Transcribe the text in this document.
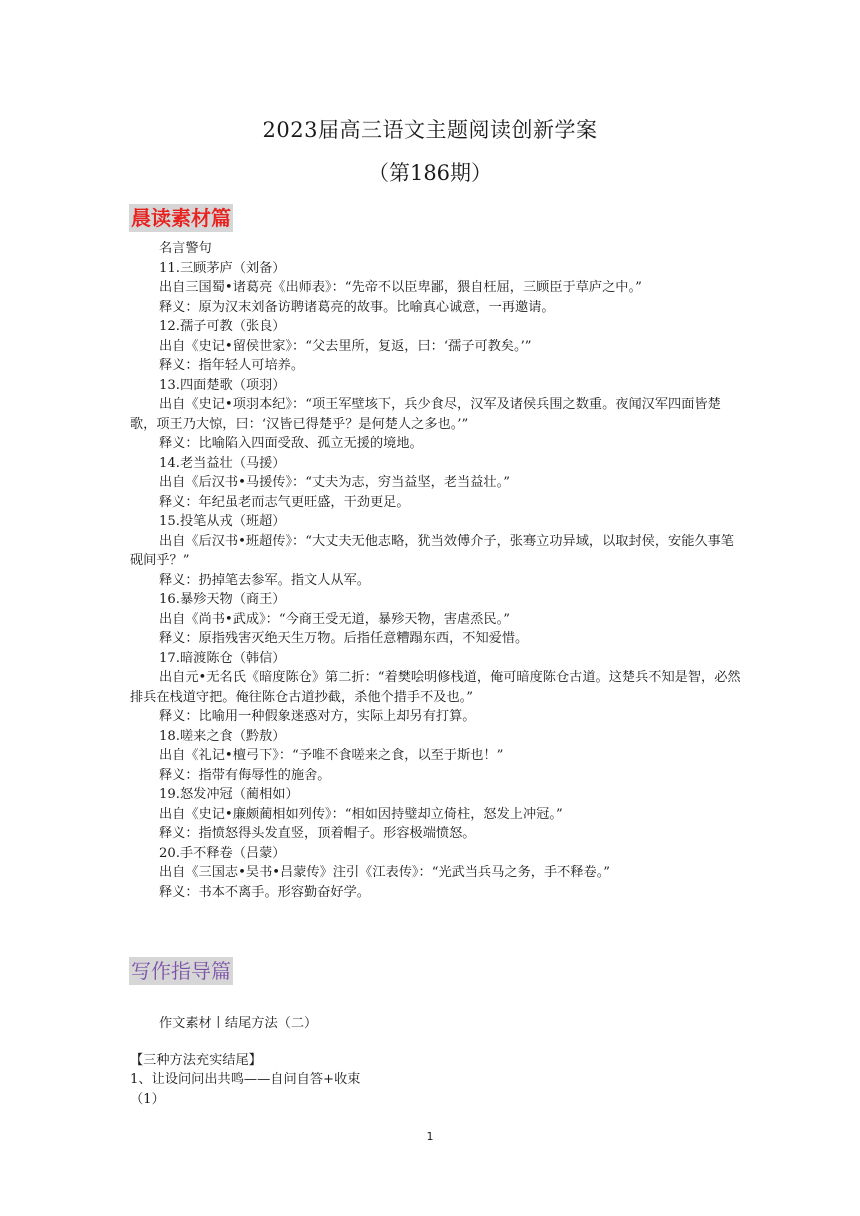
2023届高三语文主题阅读创新学案
（第186期）
晨读素材篇

名言警句

11.三顾茅庐（刘备）

出自三国蜀•诸葛亮《出师表》：“先帝不以臣卑鄙，猥自枉屈，三顾臣于草庐之中。”

释义：原为汉末刘备访聘诸葛亮的故事。比喻真心诚意，一再邀请。

12.孺子可教（张良）

出自《史记•留侯世家》：“父去里所，复返，曰：‘孺子可教矣。’”

释义：指年轻人可培养。

13.四面楚歌（项羽）

出自《史记•项羽本纪》：“项王军壁垓下，兵少食尽，汉军及诸侯兵围之数重。夜闻汉军四面皆楚歌，项王乃大惊，曰：‘汉皆已得楚乎？是何楚人之多也。’”

释义：比喻陷入四面受敌、孤立无援的境地。

14.老当益壮（马援）

出自《后汉书•马援传》：“丈夫为志，穷当益坚，老当益壮。”

释义：年纪虽老而志气更旺盛，干劲更足。

15.投笔从戎（班超）

出自《后汉书•班超传》：“大丈夫无他志略，犹当效傅介子，张骞立功异域，以取封侯，安能久事笔砚间乎？”

释义：扔掉笔去参军。指文人从军。

16.暴殄天物（商王）

出自《尚书•武成》：“今商王受无道，暴殄天物，害虐烝民。”

释义：原指残害灭绝天生万物。后指任意糟蹋东西，不知爱惜。

17.暗渡陈仓（韩信）

出自元•无名氏《暗度陈仓》第二折：“着樊哙明修栈道，俺可暗度陈仓古道。这楚兵不知是智，必然排兵在栈道守把。俺往陈仓古道抄截，杀他个措手不及也。”

释义：比喻用一种假象迷惑对方，实际上却另有打算。

18.嗟来之食（黔敖）

出自《礼记•檀弓下》：“予唯不食嗟来之食，以至于斯也！”

释义：指带有侮辱性的施舍。

19.怒发冲冠（蔺相如）

出自《史记•廉颇蔺相如列传》：“相如因持璧却立倚柱，怒发上冲冠。”

释义：指愤怒得头发直竖，顶着帽子。形容极端愤怒。

20.手不释卷（吕蒙）

出自《三国志•吴书•吕蒙传》注引《江表传》：“光武当兵马之务，手不释卷。”

释义：书本不离手。形容勤奋好学。

写作指导篇

作文素材丨结尾方法（二）

【三种方法充实结尾】

1、让设问问出共鸣——自问自答+收束

（1）

1
